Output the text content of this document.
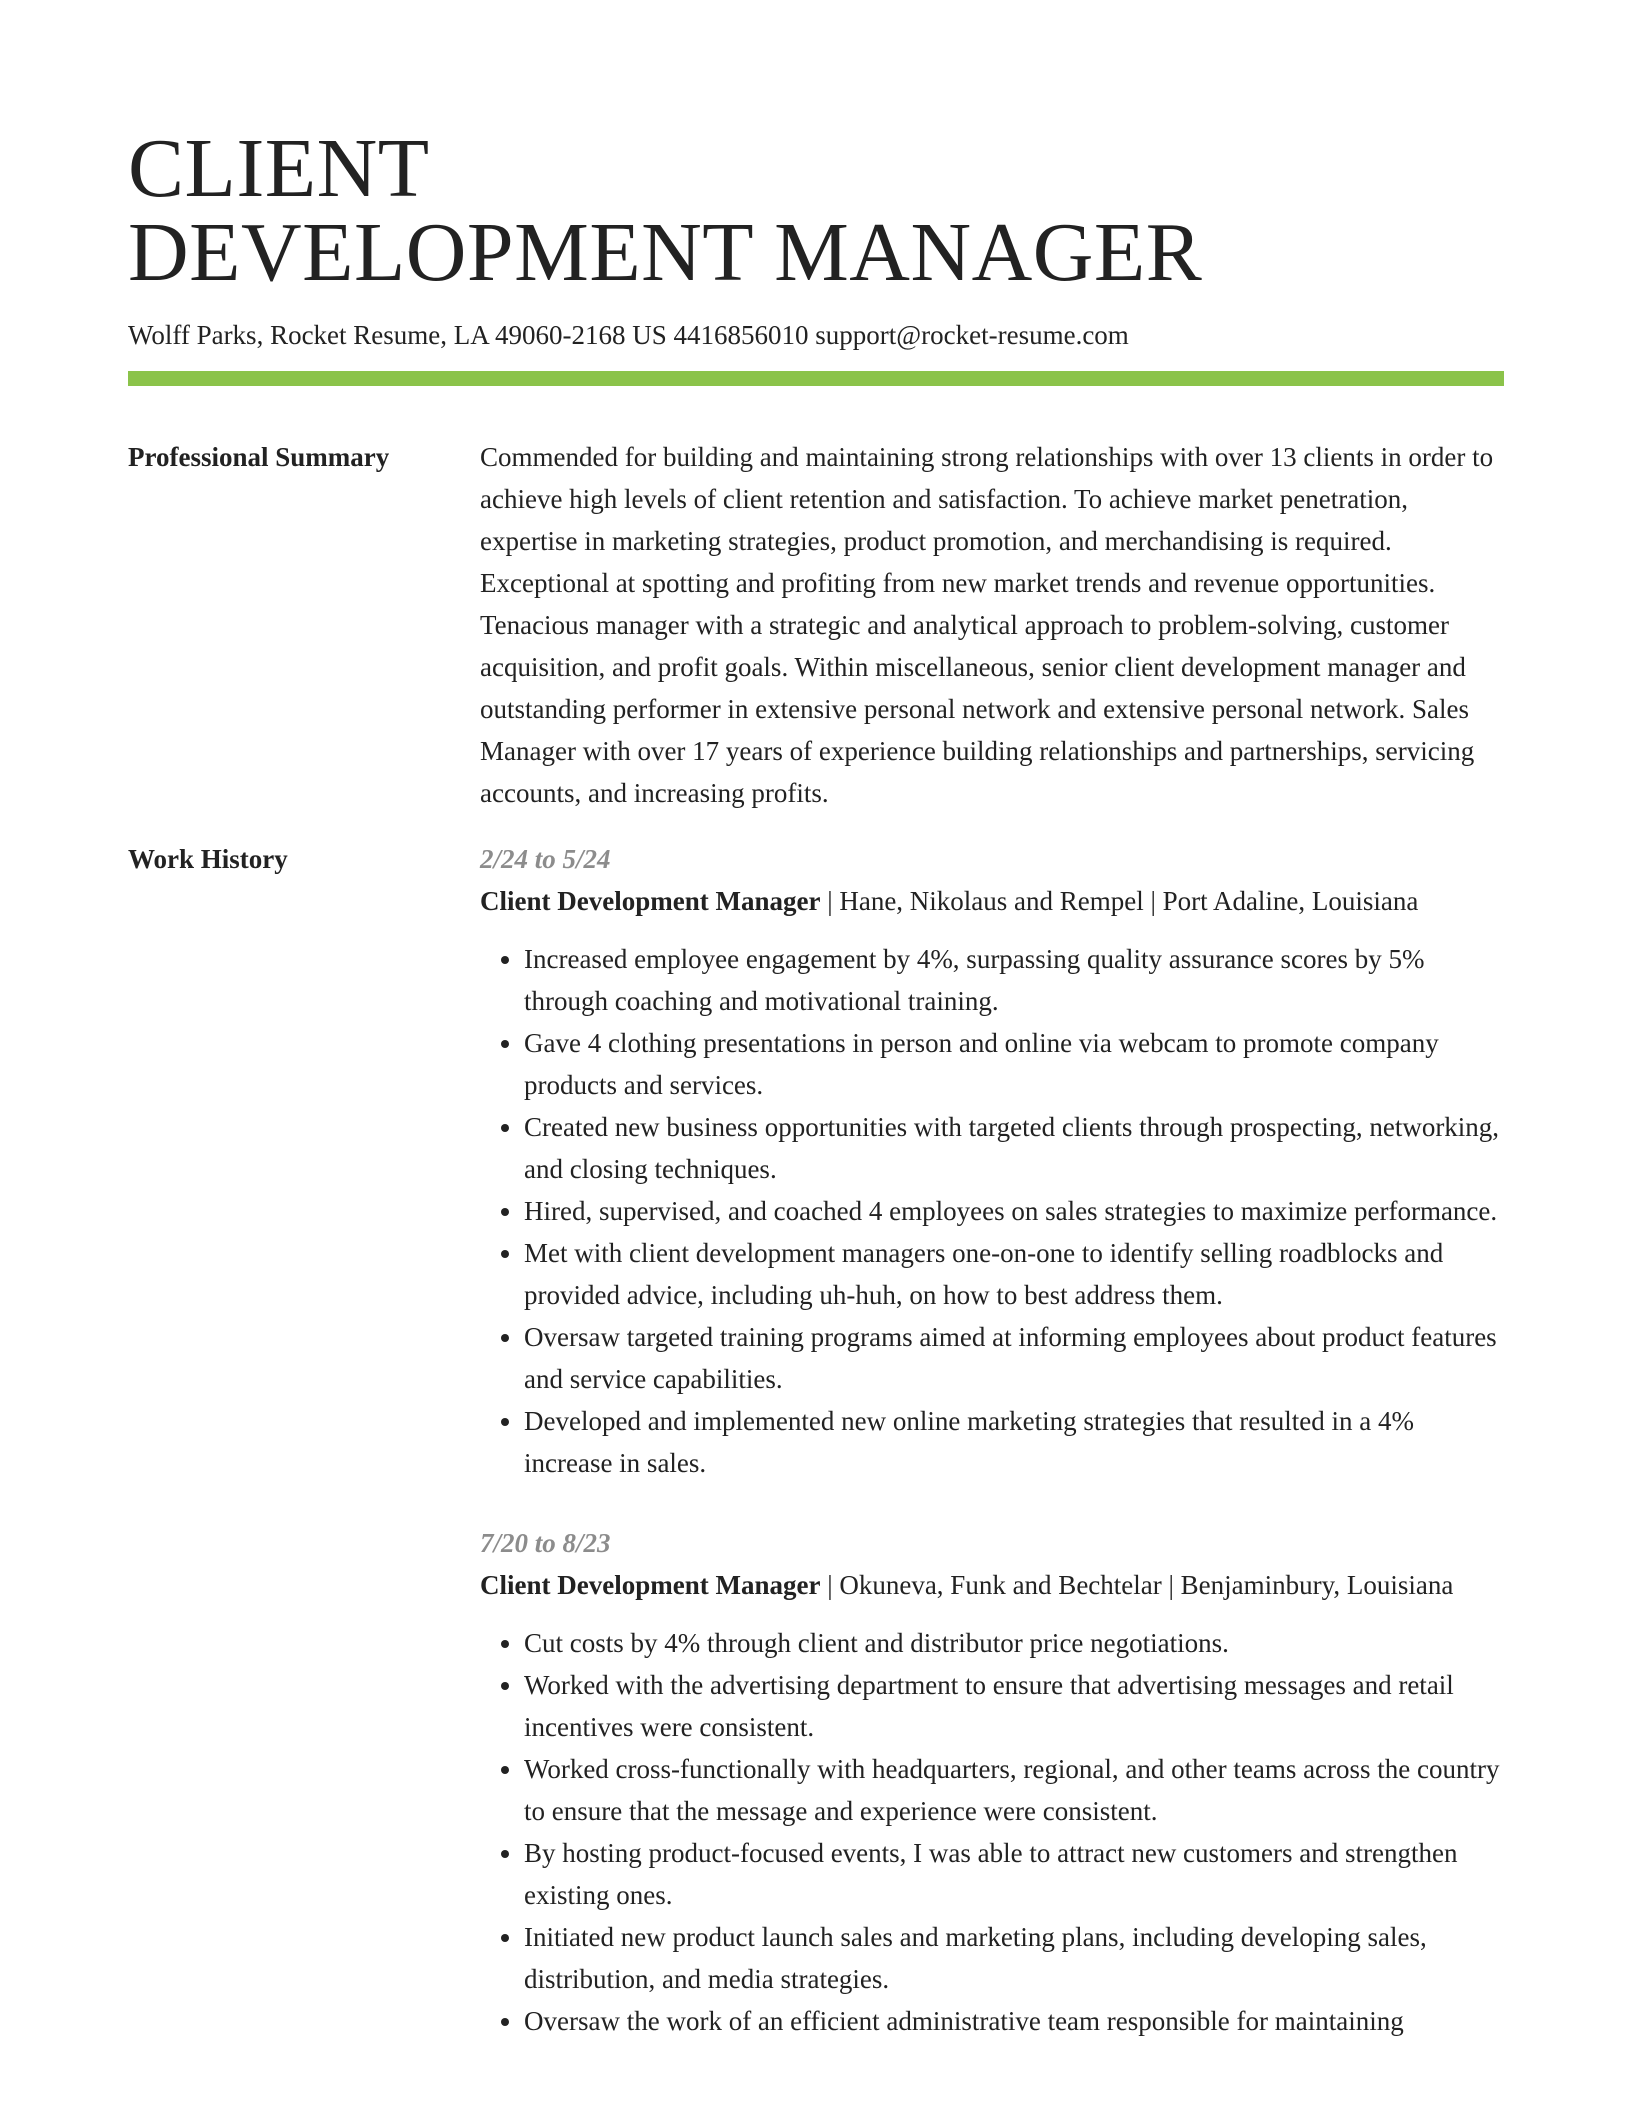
CLIENT
DEVELOPMENT MANAGER
Wolff Parks, Rocket Resume, LA 49060-2168 US 4416856010 support@rocket-resume.com
Professional Summary	Commended for building and maintaining strong relationships with over 13 clients in order to achieve high levels of client retention and satisfaction. To achieve market penetration, expertise in marketing strategies, product promotion, and merchandising is required. Exceptional at spotting and profiting from new market trends and revenue opportunities. Tenacious manager with a strategic and analytical approach to problem-solving, customer acquisition, and profit goals. Within miscellaneous, senior client development manager and outstanding performer in extensive personal network and extensive personal network. Sales Manager with over 17 years of experience building relationships and partnerships, servicing accounts, and increasing profits.

Work History	2/24 to 5/24
Client Development Manager | Hane, Nikolaus and Rempel | Port Adaline, Louisiana
• Increased employee engagement by 4%, surpassing quality assurance scores by 5% through coaching and motivational training.
• Gave 4 clothing presentations in person and online via webcam to promote company products and services.
• Created new business opportunities with targeted clients through prospecting, networking, and closing techniques.
• Hired, supervised, and coached 4 employees on sales strategies to maximize performance.
• Met with client development managers one-on-one to identify selling roadblocks and provided advice, including uh-huh, on how to best address them.
• Oversaw targeted training programs aimed at informing employees about product features and service capabilities.
• Developed and implemented new online marketing strategies that resulted in a 4% increase in sales.
7/20 to 8/23
Client Development Manager | Okuneva, Funk and Bechtelar | Benjaminbury, Louisiana
• Cut costs by 4% through client and distributor price negotiations.
• Worked with the advertising department to ensure that advertising messages and retail incentives were consistent.
• Worked cross-functionally with headquarters, regional, and other teams across the country to ensure that the message and experience were consistent.
• By hosting product-focused events, I was able to attract new customers and strengthen existing ones.
• Initiated new product launch sales and marketing plans, including developing sales, distribution, and media strategies.
• Oversaw the work of an efficient administrative team responsible for maintaining
